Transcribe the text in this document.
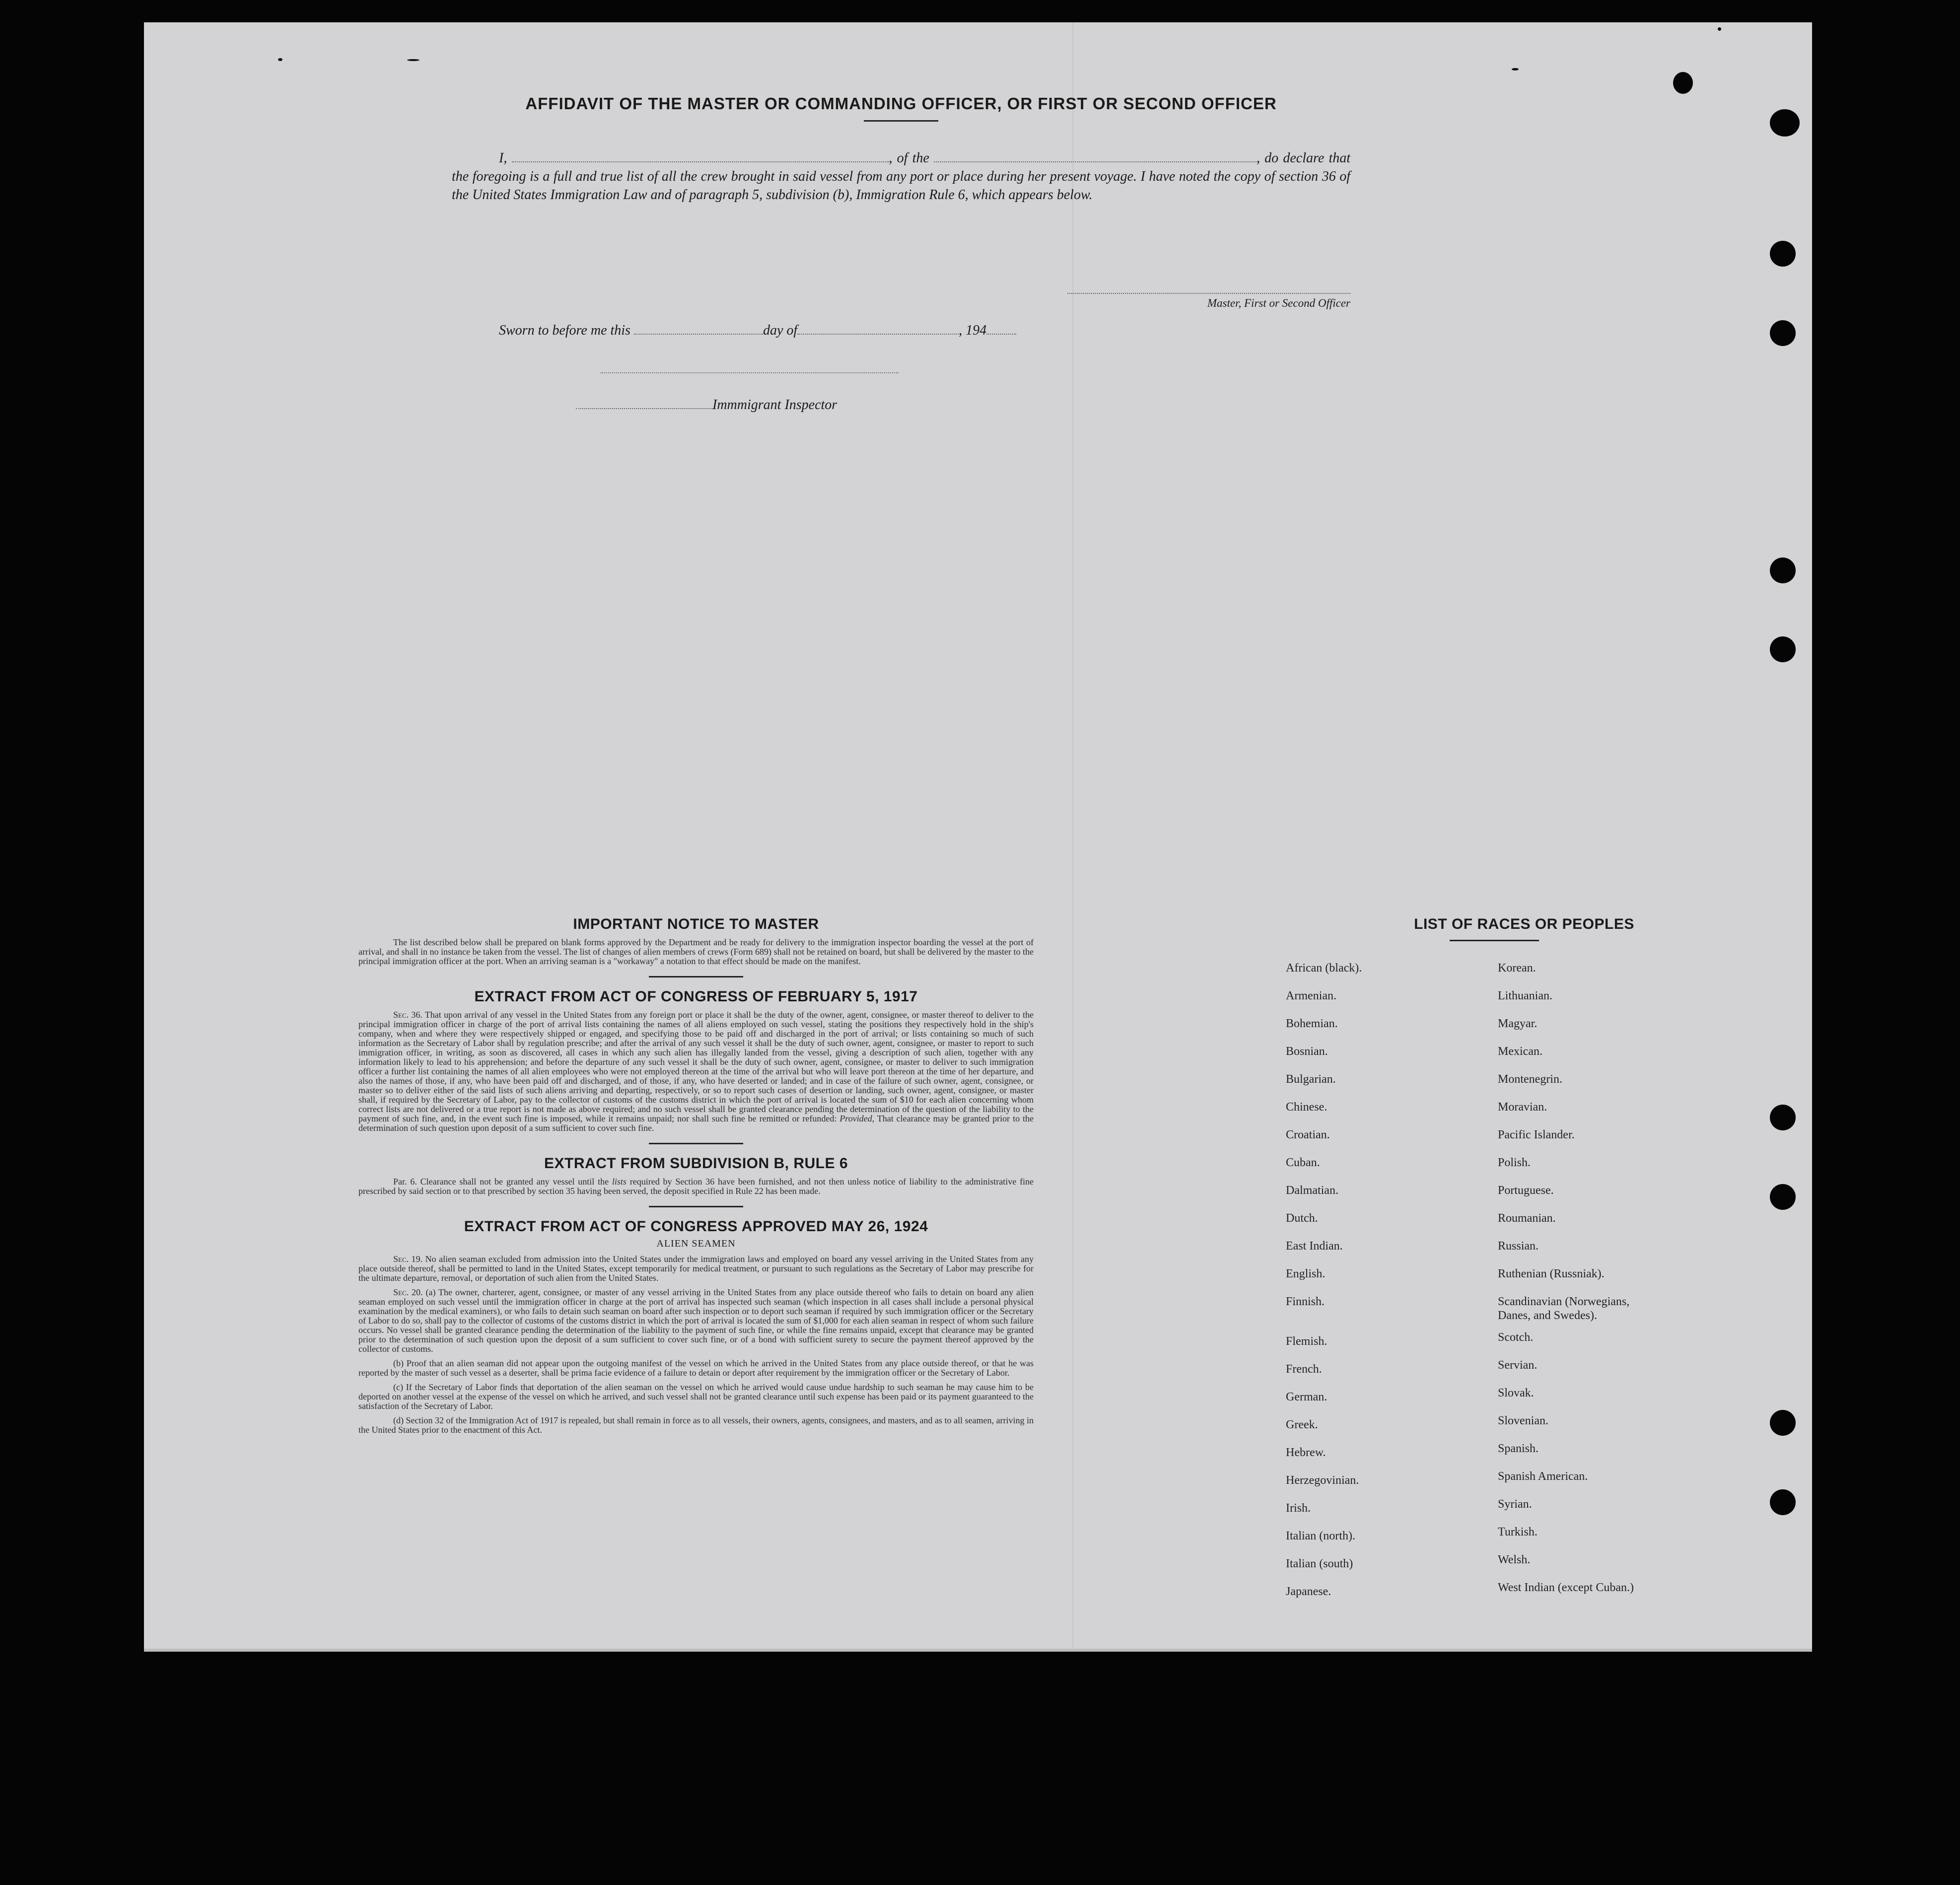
AFFIDAVIT OF THE MASTER OR COMMANDING OFFICER, OR FIRST OR SECOND OFFICER
I,	, of the	, do declare that the foregoing is a full and true list of all the crew brought in said vessel from any port or place during her present voyage. I have noted the copy of section 36 of the United States Immigration Law and of paragraph 5, subdivision (b), Immigration Rule 6, which appears below.
Master, First or Second Officer
Sworn to before me this	day of	, 194
Immmigrant Inspector
IMPORTANT NOTICE TO MASTER

The list described below shall be prepared on blank forms approved by the Department and be ready for delivery to the immigration inspector boarding the vessel at the port of arrival, and shall in no instance be taken from the vessel. The list of changes of alien members of crews (Form 689) shall not be retained on board, but shall be delivered by the master to the principal immigration officer at the port. When an arriving seaman is a "workaway" a notation to that effect should be made on the manifest.

EXTRACT FROM ACT OF CONGRESS OF FEBRUARY 5, 1917

Sec. 36. That upon arrival of any vessel in the United States from any foreign port or place it shall be the duty of the owner, agent, consignee, or master thereof to deliver to the principal immigration officer in charge of the port of arrival lists containing the names of all aliens employed on such vessel, stating the positions they respectively hold in the ship's company, when and where they were respectively shipped or engaged, and specifying those to be paid off and discharged in the port of arrival; or lists containing so much of such information as the Secretary of Labor shall by regulation prescribe; and after the arrival of any such vessel it shall be the duty of such owner, agent, consignee, or master to report to such immigration officer, in writing, as soon as discovered, all cases in which any such alien has illegally landed from the vessel, giving a description of such alien, together with any information likely to lead to his apprehension; and before the departure of any such vessel it shall be the duty of such owner, agent, consignee, or master to deliver to such immigration officer a further list containing the names of all alien employees who were not employed thereon at the time of the arrival but who will leave port thereon at the time of her departure, and also the names of those, if any, who have been paid off and discharged, and of those, if any, who have deserted or landed; and in case of the failure of such owner, agent, consignee, or master so to deliver either of the said lists of such aliens arriving and departing, respectively, or so to report such cases of desertion or landing, such owner, agent, consignee, or master shall, if required by the Secretary of Labor, pay to the collector of customs of the customs district in which the port of arrival is located the sum of $10 for each alien concerning whom correct lists are not delivered or a true report is not made as above required; and no such vessel shall be granted clearance pending the determination of the question of the liability to the payment of such fine, and, in the event such fine is imposed, while it remains unpaid; nor shall such fine be remitted or refunded: Provided, That clearance may be granted prior to the determination of such question upon deposit of a sum sufficient to cover such fine.

EXTRACT FROM SUBDIVISION B, RULE 6

Par. 6. Clearance shall not be granted any vessel until the lists required by Section 36 have been furnished, and not then unless notice of liability to the administrative fine prescribed by said section or to that prescribed by section 35 having been served, the deposit specified in Rule 22 has been made.

EXTRACT FROM ACT OF CONGRESS APPROVED MAY 26, 1924
ALIEN SEAMEN

Sec. 19. No alien seaman excluded from admission into the United States under the immigration laws and employed on board any vessel arriving in the United States from any place outside thereof, shall be permitted to land in the United States, except temporarily for medical treatment, or pursuant to such regulations as the Secretary of Labor may prescribe for the ultimate departure, removal, or deportation of such alien from the United States.

Sec. 20. (a) The owner, charterer, agent, consignee, or master of any vessel arriving in the United States from any place outside thereof who fails to detain on board any alien seaman employed on such vessel until the immigration officer in charge at the port of arrival has inspected such seaman (which inspection in all cases shall include a personal physical examination by the medical examiners), or who fails to detain such seaman on board after such inspection or to deport such seaman if required by such immigration officer or the Secretary of Labor to do so, shall pay to the collector of customs of the customs district in which the port of arrival is located the sum of $1,000 for each alien seaman in respect of whom such failure occurs. No vessel shall be granted clearance pending the determination of the liability to the payment of such fine, or while the fine remains unpaid, except that clearance may be granted prior to the determination of such question upon the deposit of a sum sufficient to cover such fine, or of a bond with sufficient surety to secure the payment thereof approved by the collector of customs.

(b) Proof that an alien seaman did not appear upon the outgoing manifest of the vessel on which he arrived in the United States from any place outside thereof, or that he was reported by the master of such vessel as a deserter, shall be prima facie evidence of a failure to detain or deport after requirement by the immigration officer or the Secretary of Labor.

(c) If the Secretary of Labor finds that deportation of the alien seaman on the vessel on which he arrived would cause undue hardship to such seaman he may cause him to be deported on another vessel at the expense of the vessel on which he arrived, and such vessel shall not be granted clearance until such expense has been paid or its payment guaranteed to the satisfaction of the Secretary of Labor.

(d) Section 32 of the Immigration Act of 1917 is repealed, but shall remain in force as to all vessels, their owners, agents, consignees, and masters, and as to all seamen, arriving in the United States prior to the enactment of this Act.

LIST OF RACES OR PEOPLES
African (black).
Armenian.
Bohemian.
Bosnian.
Bulgarian.
Chinese.
Croatian.
Cuban.
Dalmatian.
Dutch.
East Indian.
English.
Finnish.
Flemish.
French.
German.
Greek.
Hebrew.
Herzegovinian.
Irish.
Italian (north).
Italian (south)
Japanese.
Korean.
Lithuanian.
Magyar.
Mexican.
Montenegrin.
Moravian.
Pacific Islander.
Polish.
Portuguese.
Roumanian.
Russian.
Ruthenian (Russniak).
Scandinavian (Norwegians, Danes, and Swedes).
Scotch.
Servian.
Slovak.
Slovenian.
Spanish.
Spanish American.
Syrian.
Turkish.
Welsh.
West Indian (except Cuban.)
